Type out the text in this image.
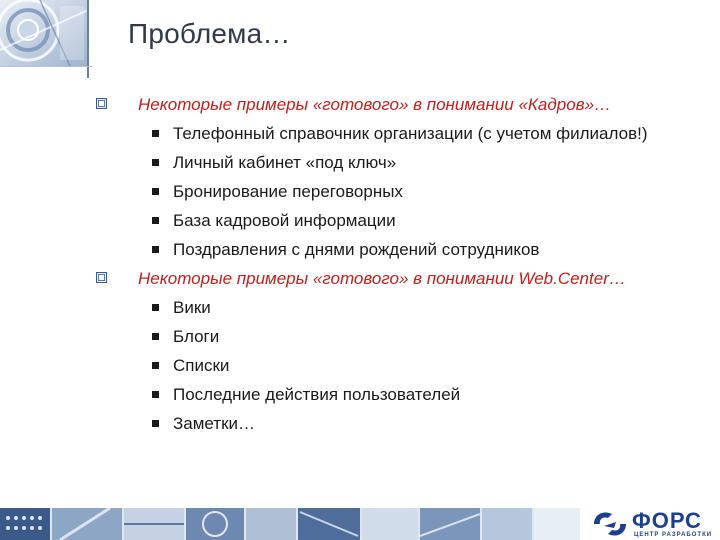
Проблема…
Некоторые примеры «готового» в понимании «Кадров»…
Телефонный справочник организации (с учетом филиалов!)
Личный кабинет «под ключ»
Бронирование переговорных
База кадровой информации
Поздравления с днями рождений сотрудников
Некоторые примеры «готового» в понимании Web.Center…
Вики
Блоги
Списки
Последние действия пользователей
Заметки…
ФОРС
ЦЕНТР РАЗРАБОТКИ
